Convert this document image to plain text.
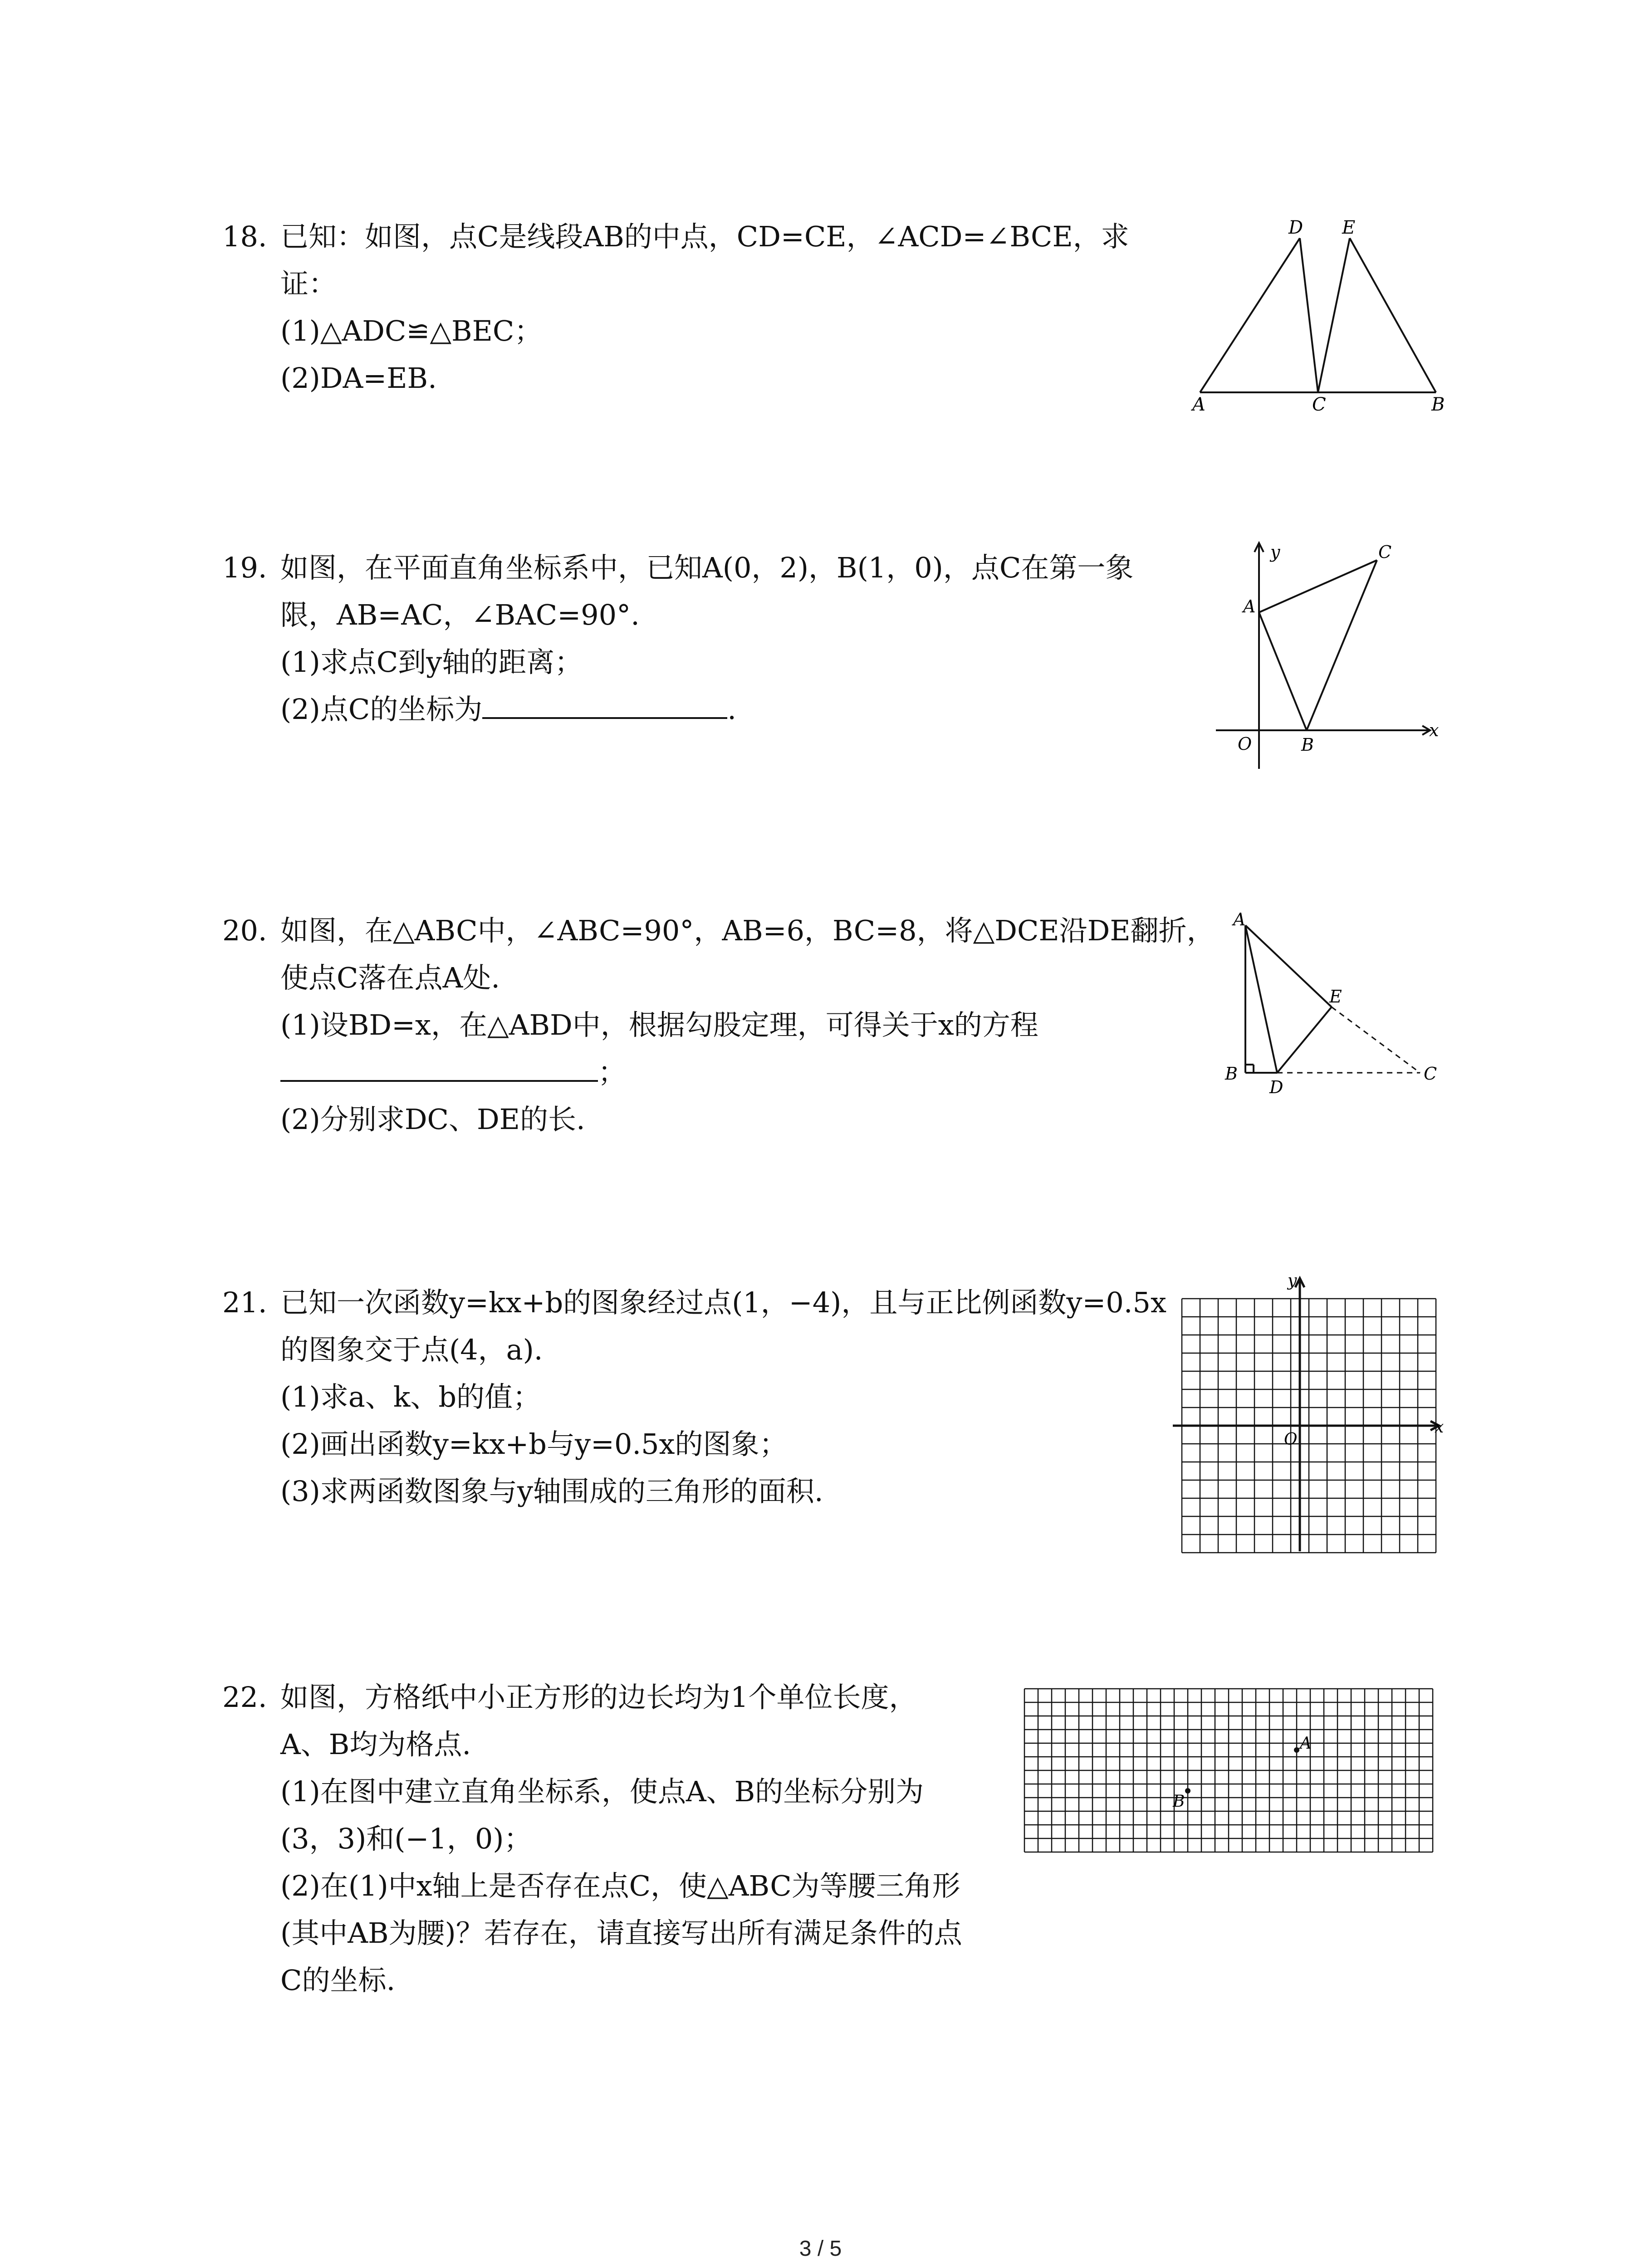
18. 已知：如图，点C是线段AB的中点，CD=CE，∠ACD=∠BCE，求
证：
(1)△ADC≌△BEC；
(2)DA=EB.
D E
A	C	B
19. 如图，在平面直角坐标系中，已知A(0，2)，B(1，0)，点C在第一象
限，AB=AC，∠BAC=90°.
(1)求点C到y轴的距离；
(2)点C的坐标为	.
y
x
O
A
B
C
20. 如图，在△ABC中，∠ABC=90°，AB=6，BC=8，将△DCE沿DE翻折，
使点C落在点A处.
(1)设BD=x，在△ABD中，根据勾股定理，可得关于x的方程
；
(2)分别求DC、DE的长.
A
B
D
E
C
21. 已知一次函数y=kx+b的图象经过点(1，−4)，且与正比例函数y=0.5x
的图象交于点(4，a).
(1)求a、k、b的值；
(2)画出函数y=kx+b与y=0.5x的图象；
(3)求两函数图象与y轴围成的三角形的面积.
y
x
O
22. 如图，方格纸中小正方形的边长均为1个单位长度，
A、B均为格点.
(1)在图中建立直角坐标系，使点A、B的坐标分别为
(3，3)和(−1，0)；
(2)在(1)中x轴上是否存在点C，使△ABC为等腰三角形
(其中AB为腰)？若存在，请直接写出所有满足条件的点
C的坐标.
A
B
3 / 5
